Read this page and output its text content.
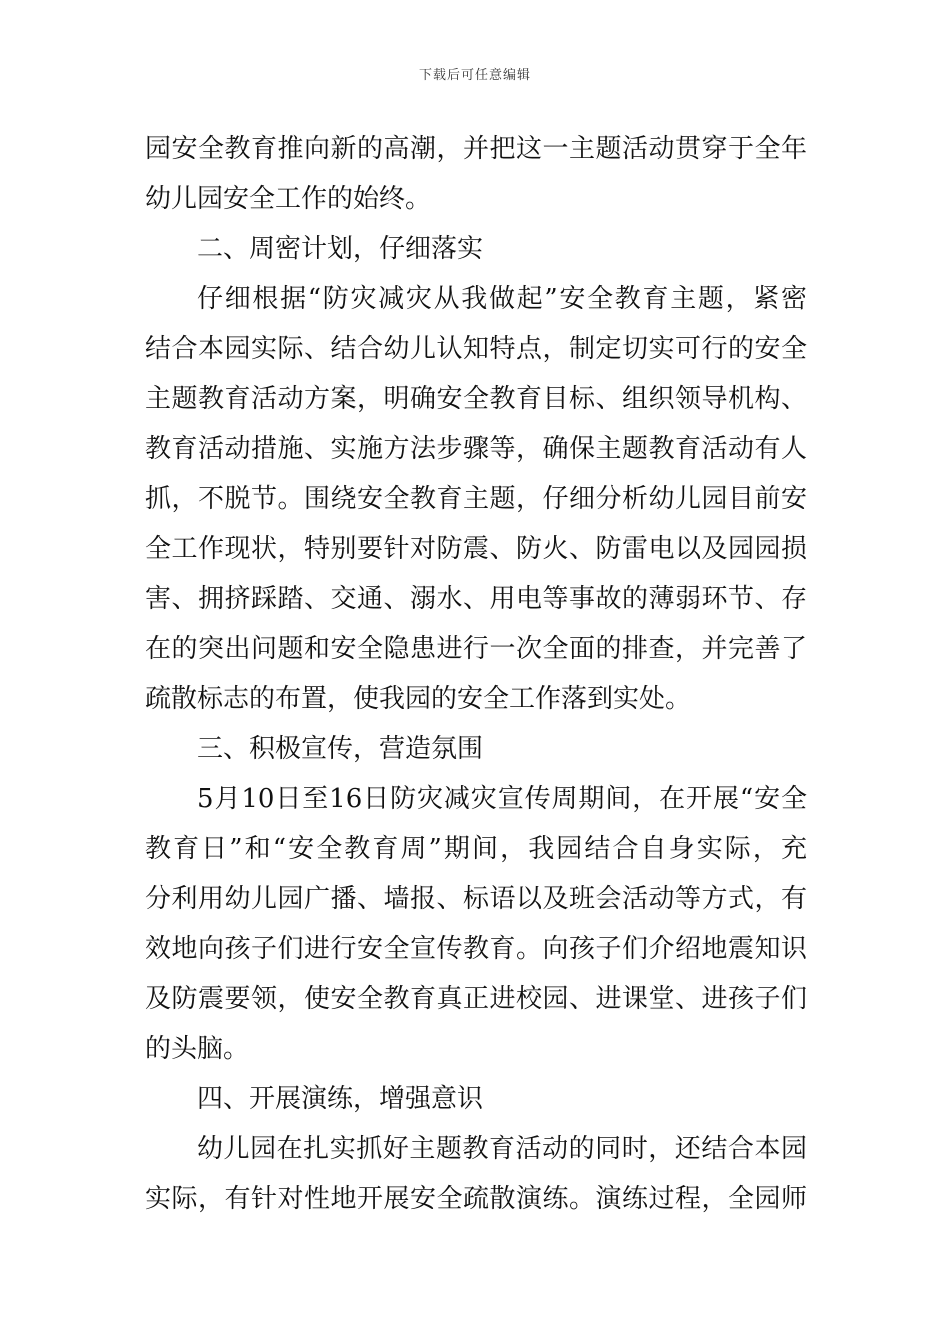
下载后可任意编辑
园安全教育推向新的高潮，并把这一主题活动贯穿于全年
幼儿园安全工作的始终。
二、周密计划，仔细落实
仔细根据“防灾减灾从我做起”安全教育主题，紧密
结合本园实际、结合幼儿认知特点，制定切实可行的安全
主题教育活动方案，明确安全教育目标、组织领导机构、
教育活动措施、实施方法步骤等，确保主题教育活动有人
抓，不脱节。围绕安全教育主题，仔细分析幼儿园目前安
全工作现状，特别要针对防震、防火、防雷电以及园园损
害、拥挤踩踏、交通、溺水、用电等事故的薄弱环节、存
在的突出问题和安全隐患进行一次全面的排查，并完善了
疏散标志的布置，使我园的安全工作落到实处。
三、积极宣传，营造氛围
5月10日至16日防灾减灾宣传周期间，在开展“安全
教育日”和“安全教育周”期间，我园结合自身实际，充
分利用幼儿园广播、墙报、标语以及班会活动等方式，有
效地向孩子们进行安全宣传教育。向孩子们介绍地震知识
及防震要领，使安全教育真正进校园、进课堂、进孩子们
的头脑。
四、开展演练，增强意识
幼儿园在扎实抓好主题教育活动的同时，还结合本园
实际，有针对性地开展安全疏散演练。演练过程，全园师
